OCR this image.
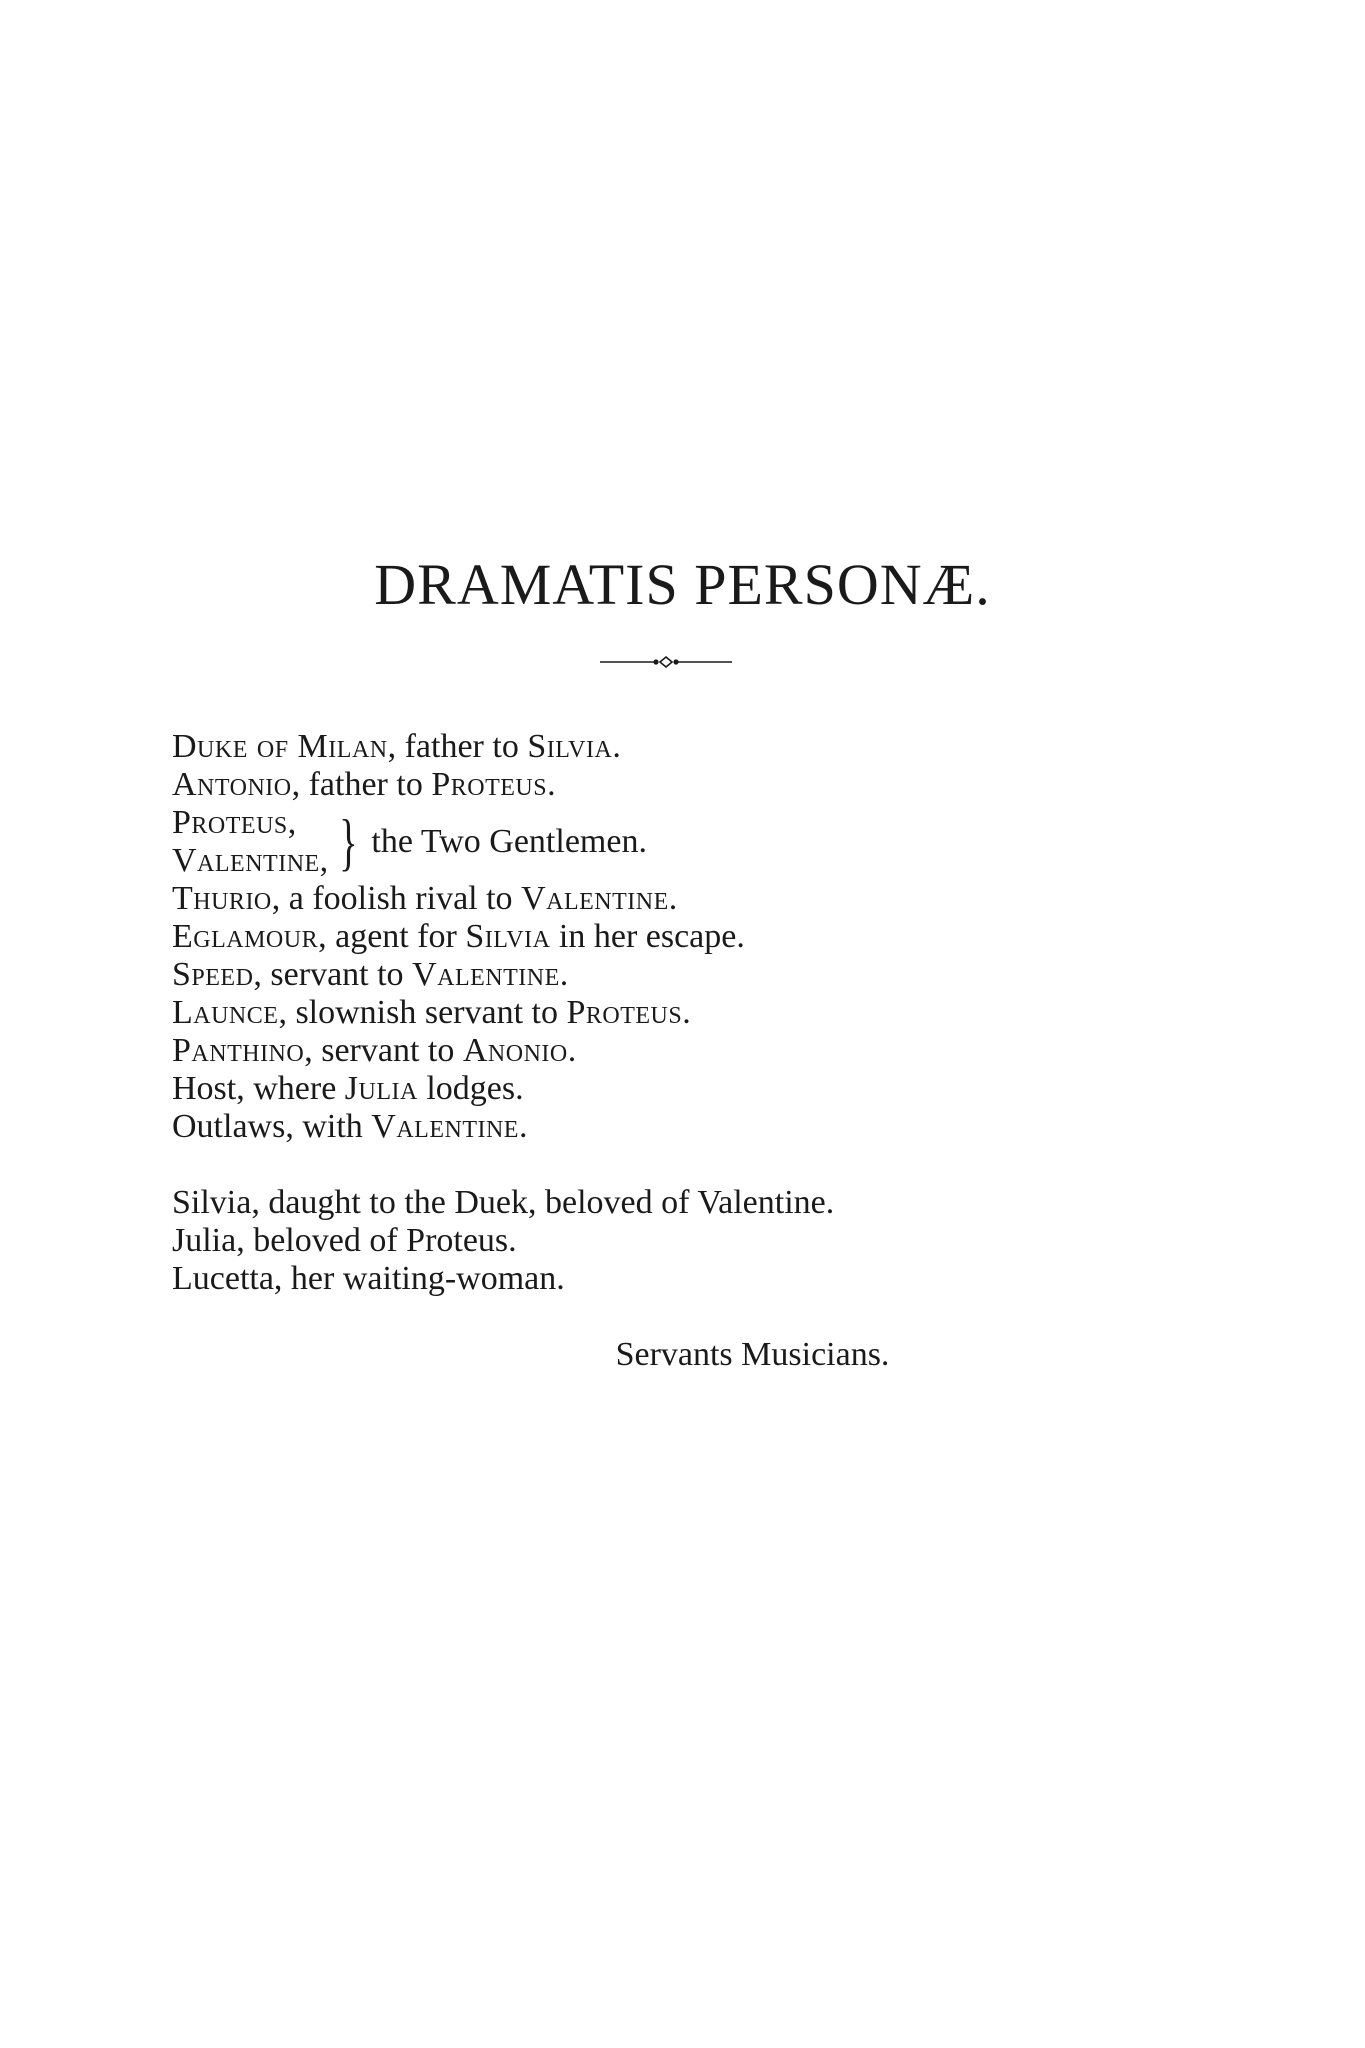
DRAMATIS PERSONÆ.
Duke of Milan, father to Silvia.
Antonio, father to Proteus.
Proteus,
Valentine, } the Two Gentlemen.
Thurio, a foolish rival to Valentine.
Eglamour, agent for Silvia in her escape.
Speed, servant to Valentine.
Launce, slownish servant to Proteus.
Panthino, servant to Anonio.
Host, where Julia lodges.
Outlaws, with Valentine.
Silvia, daught to the Duek, beloved of Valentine.
Julia, beloved of Proteus.
Lucetta, her waiting-woman.
Servants Musicians.
